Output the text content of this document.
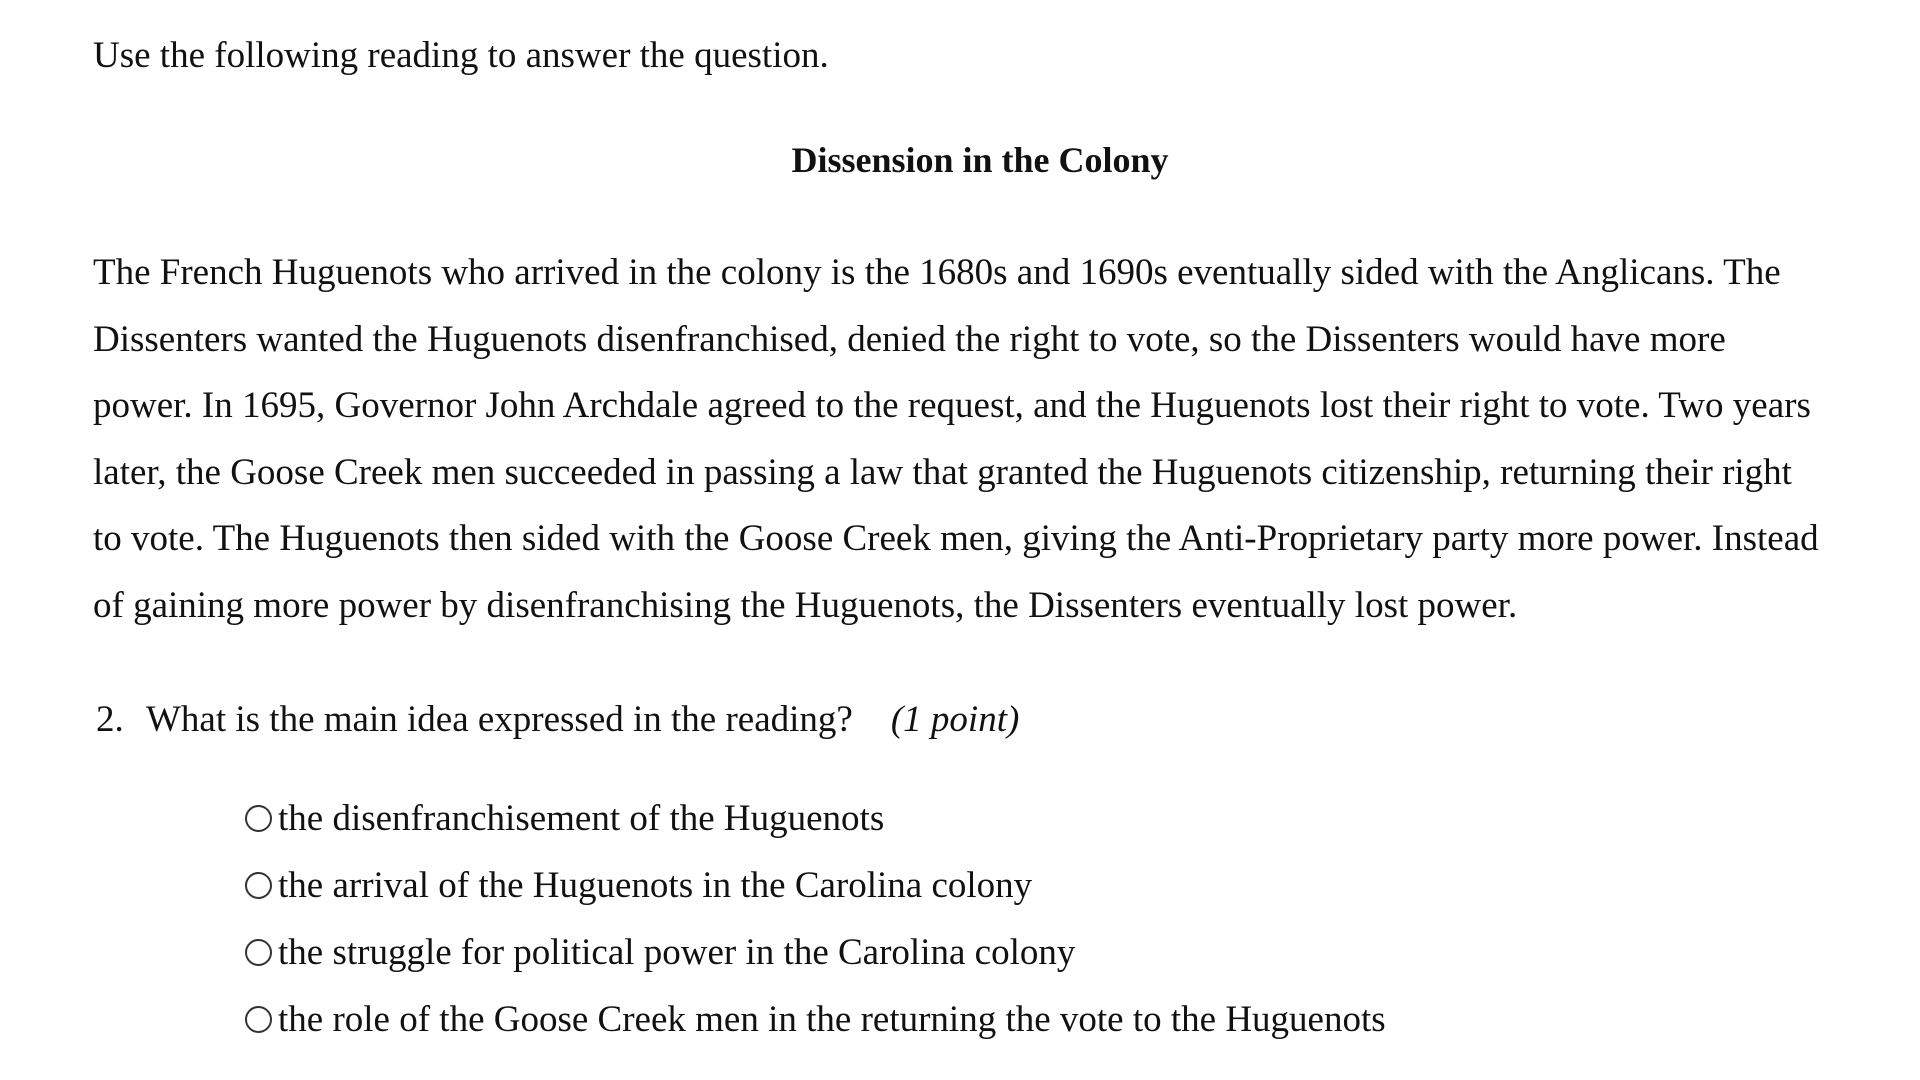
Use the following reading to answer the question.
Dissension in the Colony
The French Huguenots who arrived in the colony is the 1680s and 1690s eventually sided with the Anglicans. The
Dissenters wanted the Huguenots disenfranchised, denied the right to vote, so the Dissenters would have more
power. In 1695, Governor John Archdale agreed to the request, and the Huguenots lost their right to vote. Two years
later, the Goose Creek men succeeded in passing a law that granted the Huguenots citizenship, returning their right
to vote. The Huguenots then sided with the Goose Creek men, giving the Anti-Proprietary party more power. Instead
of gaining more power by disenfranchising the Huguenots, the Dissenters eventually lost power.
2. What is the main idea expressed in the reading? (1 point)
the disenfranchisement of the Huguenots
the arrival of the Huguenots in the Carolina colony
the struggle for political power in the Carolina colony
the role of the Goose Creek men in the returning the vote to the Huguenots
